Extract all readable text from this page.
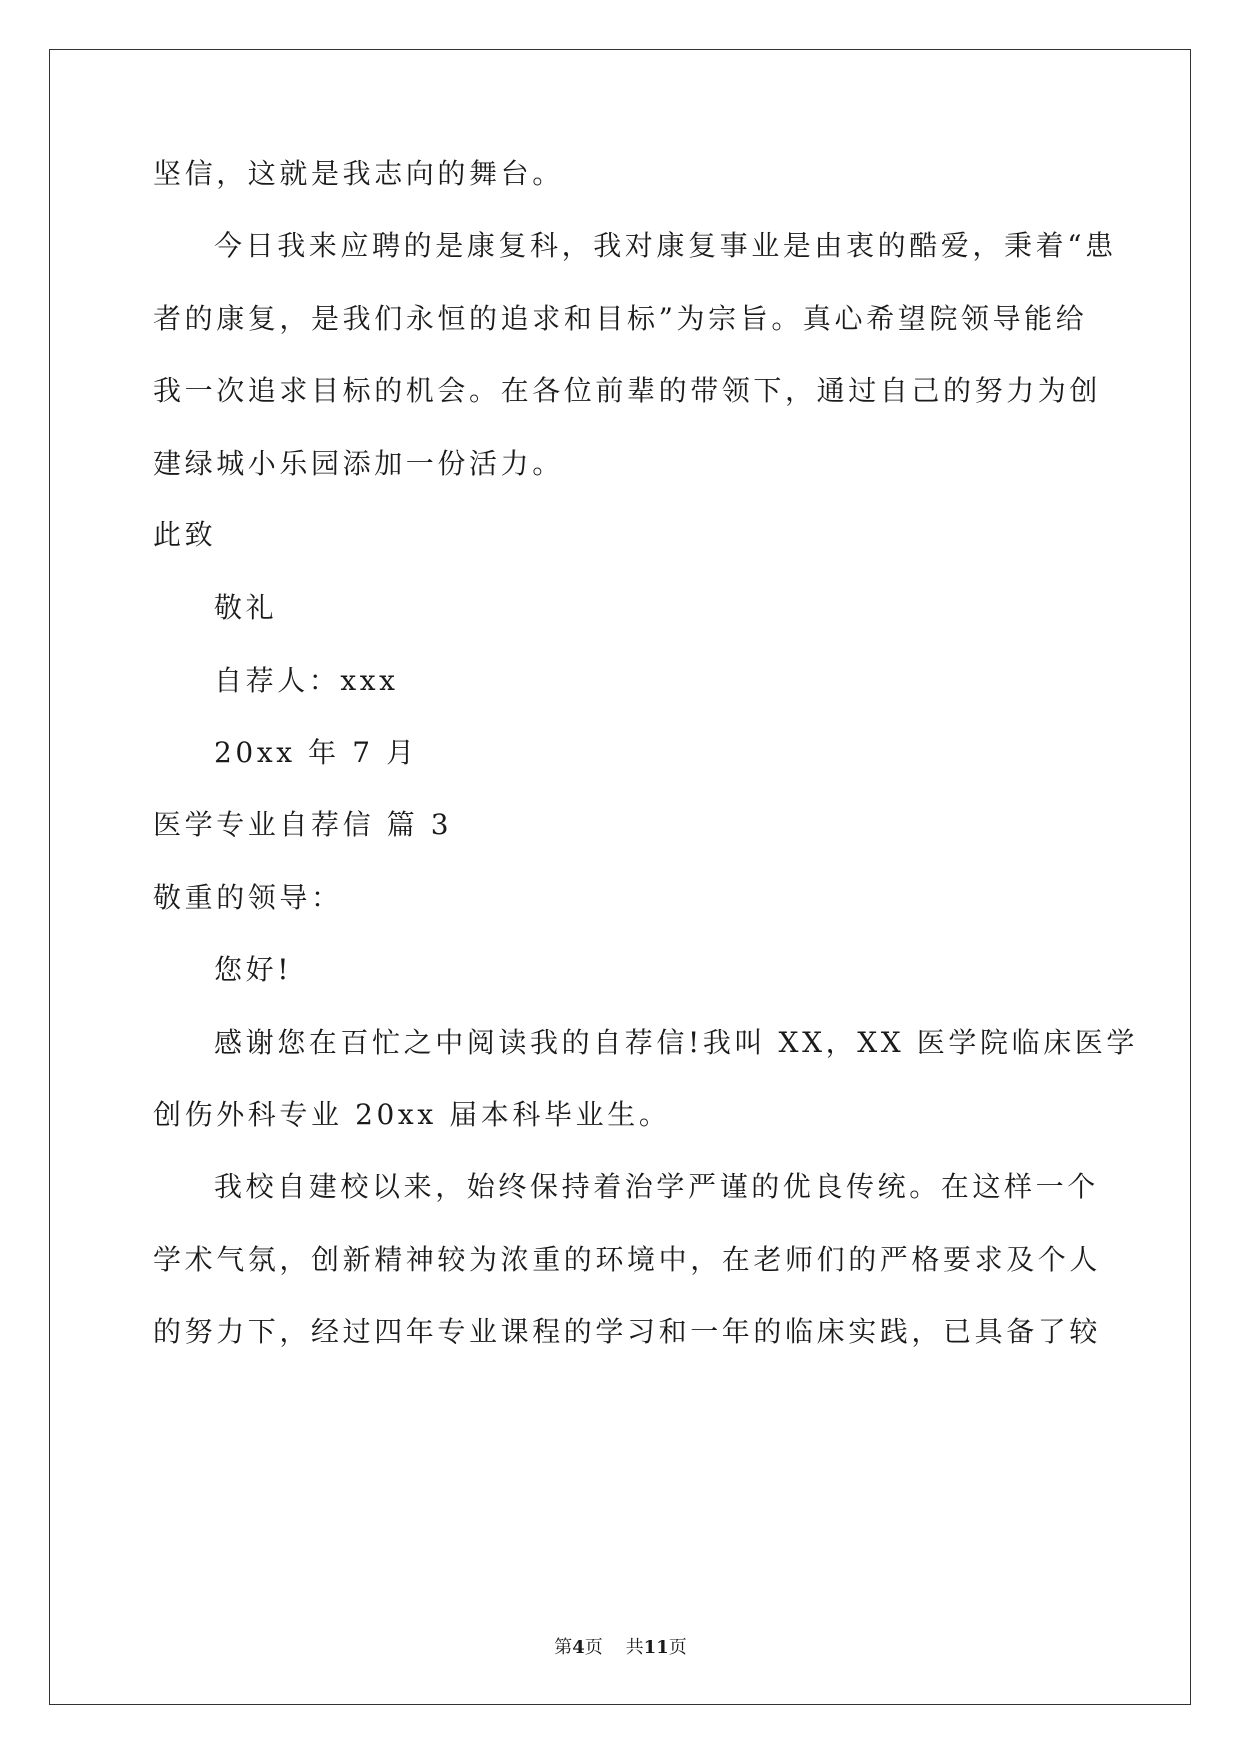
坚信，这就是我志向的舞台。
今日我来应聘的是康复科，我对康复事业是由衷的酷爱，秉着“患
者的康复，是我们永恒的追求和目标”为宗旨。真心希望院领导能给
我一次追求目标的机会。在各位前辈的带领下，通过自己的努力为创
建绿城小乐园添加一份活力。
此致
敬礼
自荐人：xxx
20xx 年 7 月
医学专业自荐信 篇 3
敬重的领导：
您好!
感谢您在百忙之中阅读我的自荐信!我叫 XX，XX 医学院临床医学
创伤外科专业 20xx 届本科毕业生。
我校自建校以来，始终保持着治学严谨的优良传统。在这样一个
学术气氛，创新精神较为浓重的环境中，在老师们的严格要求及个人
的努力下，经过四年专业课程的学习和一年的临床实践，已具备了较
第4页 共11页
